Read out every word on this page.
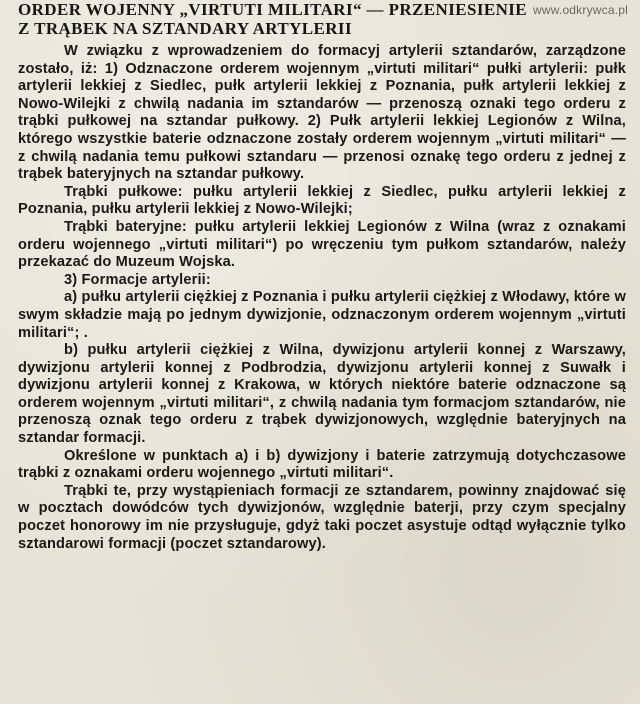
www.odkrywca.pl
ORDER WOJENNY „VIRTUTI MILITARI“ — PRZENIESIENIE
Z TRĄBEK NA SZTANDARY ARTYLERII

W związku z wprowadzeniem do formacyj artylerii sztandarów, zarządzone zostało, iż: 1) Odznaczone orderem wojennym „virtuti militari“ pułki artylerii: pułk artylerii lekkiej z Siedlec, pułk artylerii lekkiej z Poznania, pułk artylerii lekkiej z Nowo-Wilejki z chwilą nadania im sztandarów — przenoszą oznaki tego orderu z trąbki pułkowej na sztandar pułkowy. 2) Pułk artylerii lekkiej Legionów z Wilna, którego wszystkie baterie odznaczone zostały orderem wojennym „virtuti militari“ — z chwilą nadania temu pułkowi sztandaru — przenosi oznakę tego orderu z jednej z trąbek bateryjnych na sztandar pułkowy.

Trąbki pułkowe: pułku artylerii lekkiej z Siedlec, pułku artylerii lekkiej z Poznania, pułku artylerii lekkiej z Nowo-Wilejki;

Trąbki bateryjne: pułku artylerii lekkiej Legionów z Wilna (wraz z oznakami orderu wojennego „virtuti militari“) po wręczeniu tym pułkom sztandarów, należy przekazać do Muzeum Wojska.

3) Formacje artylerii:

a) pułku artylerii ciężkiej z Poznania i pułku artylerii ciężkiej z Włodawy, które w swym składzie mają po jednym dywizjonie, odznaczonym orderem wojennym „virtuti militari“; .

b) pułku artylerii ciężkiej z Wilna, dywizjonu artylerii konnej z Warszawy, dywizjonu artylerii konnej z Podbrodzia, dywizjonu artylerii konnej z Suwałk i dywizjonu artylerii konnej z Krakowa, w których niektóre baterie odznaczone są orderem wojennym „virtuti militari“, z chwilą nadania tym formacjom sztandarów, nie przenoszą oznak tego orderu z trąbek dywizjonowych, względnie bateryjnych na sztandar formacji.

Określone w punktach a) i b) dywizjony i baterie zatrzymują dotychczasowe trąbki z oznakami orderu wojennego „virtuti militari“.

Trąbki te, przy wystąpieniach formacji ze sztandarem, powinny znajdować się w pocztach dowódców tych dywizjonów, względnie baterji, przy czym specjalny poczet honorowy im nie przysługuje, gdyż taki poczet asystuje odtąd wyłącznie tylko sztandarowi formacji (poczet sztandarowy).
